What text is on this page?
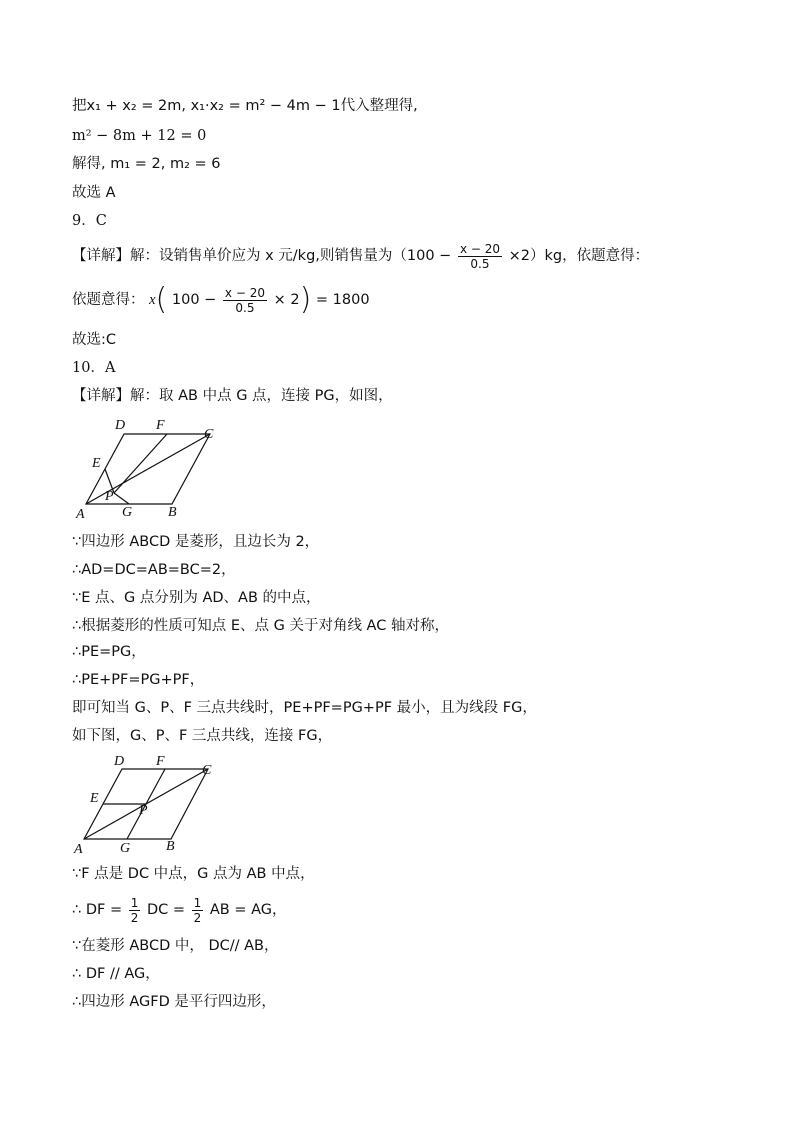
把x₁ + x₂ = 2m, x₁·x₂ = m² − 4m − 1代入整理得,
m² − 8m + 12 = 0
解得, m₁ = 2, m₂ = 6
故选 A
9．C
【详解】解：设销售单价应为 x 元/kg,则销售量为$(100 - \frac{x - 20}{0.5} \times 2)kg$，依题意得：
依题意得： x( $100 - \frac{x - 20}{0.5} \times 2) = 1800$
故选:C
10．A
【详解】解：取 AB 中点 G 点，连接 PG，如图，
D F
C
E
P
A	G	B
∵四边形 ABCD 是菱形，且边长为 2，
∴AD=DC=AB=BC=2，
∵E 点、G 点分别为 AD、AB 的中点，
∴根据菱形的性质可知点 E、点 G 关于对角线 AC 轴对称，
∴PE=PG，
∴PE+PF=PG+PF，
即可知当 G、P、F 三点共线时，PE+PF=PG+PF 最小，且为线段 FG，
如下图，G、P、F 三点共线，连接 FG，
D F
C
E
P
A	G	B
∵F 点是 DC 中点，G 点为 AB 中点，
∴ DF = $\frac{1}{2}$ DC = $\frac{1}{2}$ AB = AG，
∵在菱形 ABCD 中， DC// AB，
∴ DF // AG，
∴四边形 AGFD 是平行四边形，
